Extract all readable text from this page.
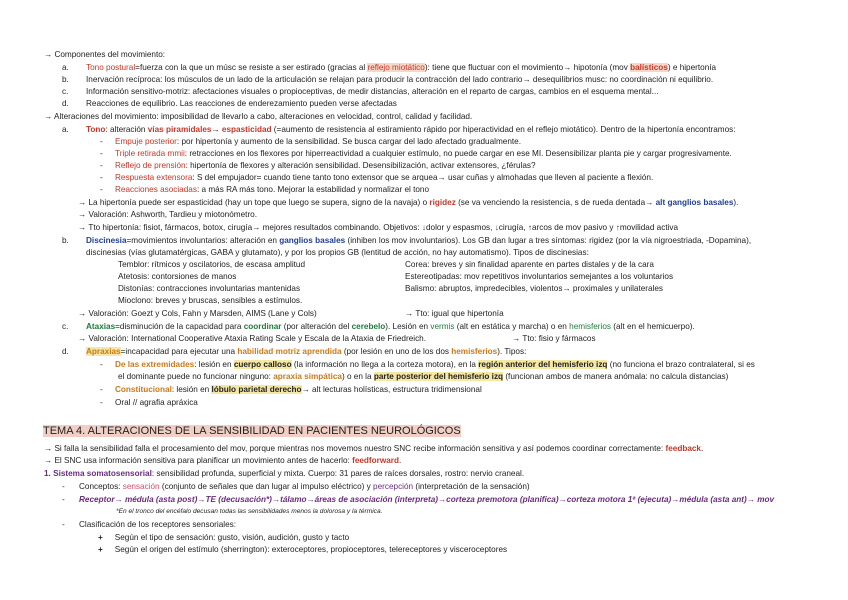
→ Componentes del movimiento:
a. Tono postural=fuerza con la que un músc se resiste a ser estirado (gracias al reflejo miotático): tiene que fluctuar con el movimiento→ hipotonía (mov balísticos) e hipertonía
b. Inervación recíproca: los músculos de un lado de la articulación se relajan para producir la contracción del lado contrario→ desequilibrios musc: no coordinación ni equilibrio.
c. Información sensitivo-motriz: afectaciones visuales o propioceptivas, de medir distancias, alteración en el reparto de cargas, cambios en el esquema mental...
d. Reacciones de equilibrio. Las reacciones de enderezamiento pueden verse afectadas
→ Alteraciones del movimiento: imposibilidad de llevarlo a cabo, alteraciones en velocidad, control, calidad y facilidad.
a. Tono: alteración vías piramidales→ espasticidad (=aumento de resistencia al estiramiento rápido por hiperactividad en el reflejo miotático). Dentro de la hipertonía encontramos:
- Empuje posterior: por hipertonía y aumento de la sensibilidad. Se busca cargar del lado afectado gradualmente.
- Triple retirada mmii: retracciones en los flexores por hiperreactividad a cualquier estímulo, no puede cargar en ese MI. Desensibilizar planta pie y cargar progresivamente.
- Reflejo de prensión: hipertonía de flexores y alteración sensibilidad. Desensibilización, activar extensores, ¿férulas?
- Respuesta extensora: S del empujador= cuando tiene tanto tono extensor que se arquea→ usar cuñas y almohadas que lleven al paciente a flexión.
- Reacciones asociadas: a más RA más tono. Mejorar la estabilidad y normalizar el tono
→ La hipertonía puede ser espasticidad (hay un tope que luego se supera, signo de la navaja) o rigidez (se va venciendo la resistencia, s de rueda dentada→ alt ganglios basales).
→ Valoración: Ashworth, Tardieu y miotonómetro.
→ Tto hipertonía: fisiot, fármacos, botox, cirugía→ mejores resultados combinando. Objetivos: ↓dolor y espasmos, ↓cirugía, ↑arcos de mov pasivo y ↑movilidad activa
b. Discinesia=movimientos involuntarios: alteración en ganglios basales (inhiben los mov involuntarios). Los GB dan lugar a tres síntomas: rigidez (por la vía nigroestriada, -Dopamina),
discinesias (vías glutamatérgicas, GABA y glutamato), y por los propios GB (lentitud de acción, no hay automatismo). Tipos de discinesias:
Temblor: rítmicos y oscilatorios, de escasa amplitud
Atetosis: contorsiones de manos
Distonías: contracciones involuntarias mantenidas
Mioclono: breves y bruscas, sensibles a estímulos.
Corea: breves y sin finalidad aparente en partes distales y de la cara
Estereotipadas: mov repetitivos involuntarios semejantes a los voluntarios
Balismo: abruptos, impredecibles, violentos→ proximales y unilaterales
→ Valoración: Goezt y Cols, Fahn y Marsden, AIMS (Lane y Cols)	→ Tto: igual que hipertonía
c. Ataxias=disminución de la capacidad para coordinar (por alteración del cerebelo). Lesión en vermis (alt en estática y marcha) o en hemisferios (alt en el hemicuerpo).
→ Valoración: International Cooperative Ataxia Rating Scale y Escala de la Ataxia de Friedreich.	→ Tto: fisio y fármacos
d. Apraxias=incapacidad para ejecutar una habilidad motriz aprendida (por lesión en uno de los dos hemisferios). Tipos:
- De las extremidades: lesión en cuerpo calloso (la información no llega a la corteza motora), en la región anterior del hemisferio izq (no funciona el brazo contralateral, si es
el dominante puede no funcionar ninguno: apraxia simpática) o en la parte posterior del hemisferio izq (funcionan ambos de manera anómala: no calcula distancias)
- Constitucional: lesión en lóbulo parietal derecho→ alt lecturas holísticas, estructura tridimensional
- Oral // agrafia apráxica
TEMA 4. ALTERACIONES DE LA SENSIBILIDAD EN PACIENTES NEUROLÓGICOS
→ Si falla la sensibilidad falla el procesamiento del mov, porque mientras nos movemos nuestro SNC recibe información sensitiva y así podemos coordinar correctamente: feedback.
→ El SNC usa información sensitiva para planificar un movimiento antes de hacerlo: feedforward.
1. Sistema somatosensorial: sensibilidad profunda, superficial y mixta. Cuerpo: 31 pares de raíces dorsales, rostro: nervio craneal.
- Conceptos: sensación (conjunto de señales que dan lugar al impulso eléctrico) y percepción (interpretación de la sensación)
- Receptor→ médula (asta post)→TE (decusación*)→tálamo→áreas de asociación (interpreta)→corteza premotora (planifica)→corteza motora 1ª (ejecuta)→médula (asta ant)→ mov
*En el tronco del encéfalo decusan todas las sensibilidades menos la dolorosa y la térmica.
- Clasificación de los receptores sensoriales:
+ Según el tipo de sensación: gusto, visión, audición, gusto y tacto
+ Según el origen del estímulo (sherrington): exteroceptores, propioceptores, telereceptores y visceroceptores
